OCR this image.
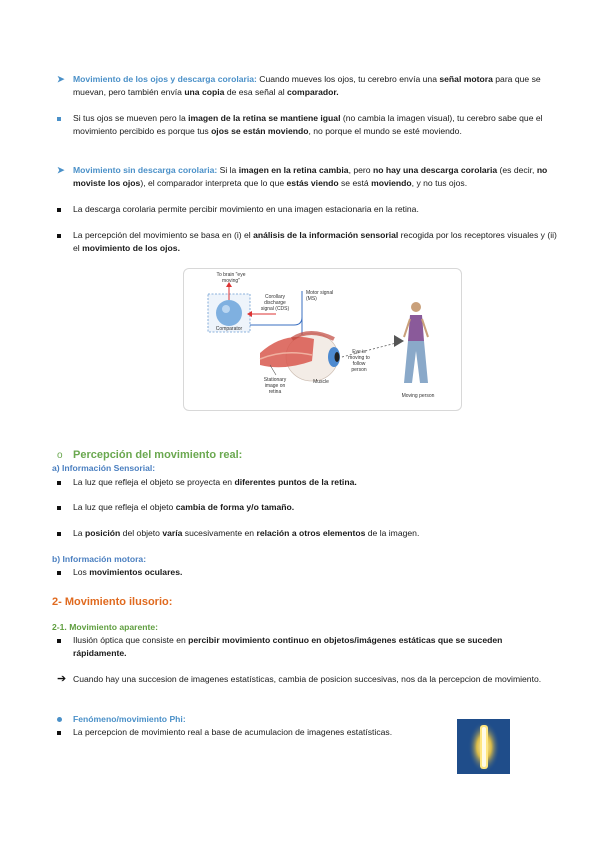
➤ Movimiento de los ojos y descarga corolaria: Cuando mueves los ojos, tu cerebro envía una señal motora para que se muevan, pero también envía una copia de esa señal al comparador.
Si tus ojos se mueven pero la imagen de la retina se mantiene igual (no cambia la imagen visual), tu cerebro sabe que el movimiento percibido es porque tus ojos se están moviendo, no porque el mundo se esté moviendo.
➤ Movimiento sin descarga corolaria: Si la imagen en la retina cambia, pero no hay una descarga corolaria (es decir, no moviste los ojos), el comparador interpreta que lo que estás viendo se está moviendo, y no tus ojos.
La descarga corolaria permite percibir movimiento en una imagen estacionaria en la retina.
La percepción del movimiento se basa en (i) el análisis de la información sensorial recogida por los receptores visuales y (ii) el movimiento de los ojos.
To brain "eye moving"
Comparator
Corollary discharge signal (CDS)
Motor signal (MS)
Eye is moving to follow person
Stationary image on retina
Muscle
Moving person
o Percepción del movimiento real:
a) Información Sensorial:
La luz que refleja el objeto se proyecta en diferentes puntos de la retina.
La luz que refleja el objeto cambia de forma y/o tamaño.
La posición del objeto varía sucesivamente en relación a otros elementos de la imagen.
b) Información motora:
Los movimientos oculares.
2- Movimiento ilusorio:
2-1. Movimiento aparente:
Ilusión óptica que consiste en percibir movimiento continuo en objetos/imágenes estáticas que se suceden rápidamente.
➔ Cuando hay una succesion de imagenes estatísticas, cambia de posicion succesivas, nos da la percepcion de movimiento.
Fenómeno/movimiento Phi:
La percepcion de movimiento real a base de acumulacion de imagenes estatísticas.
